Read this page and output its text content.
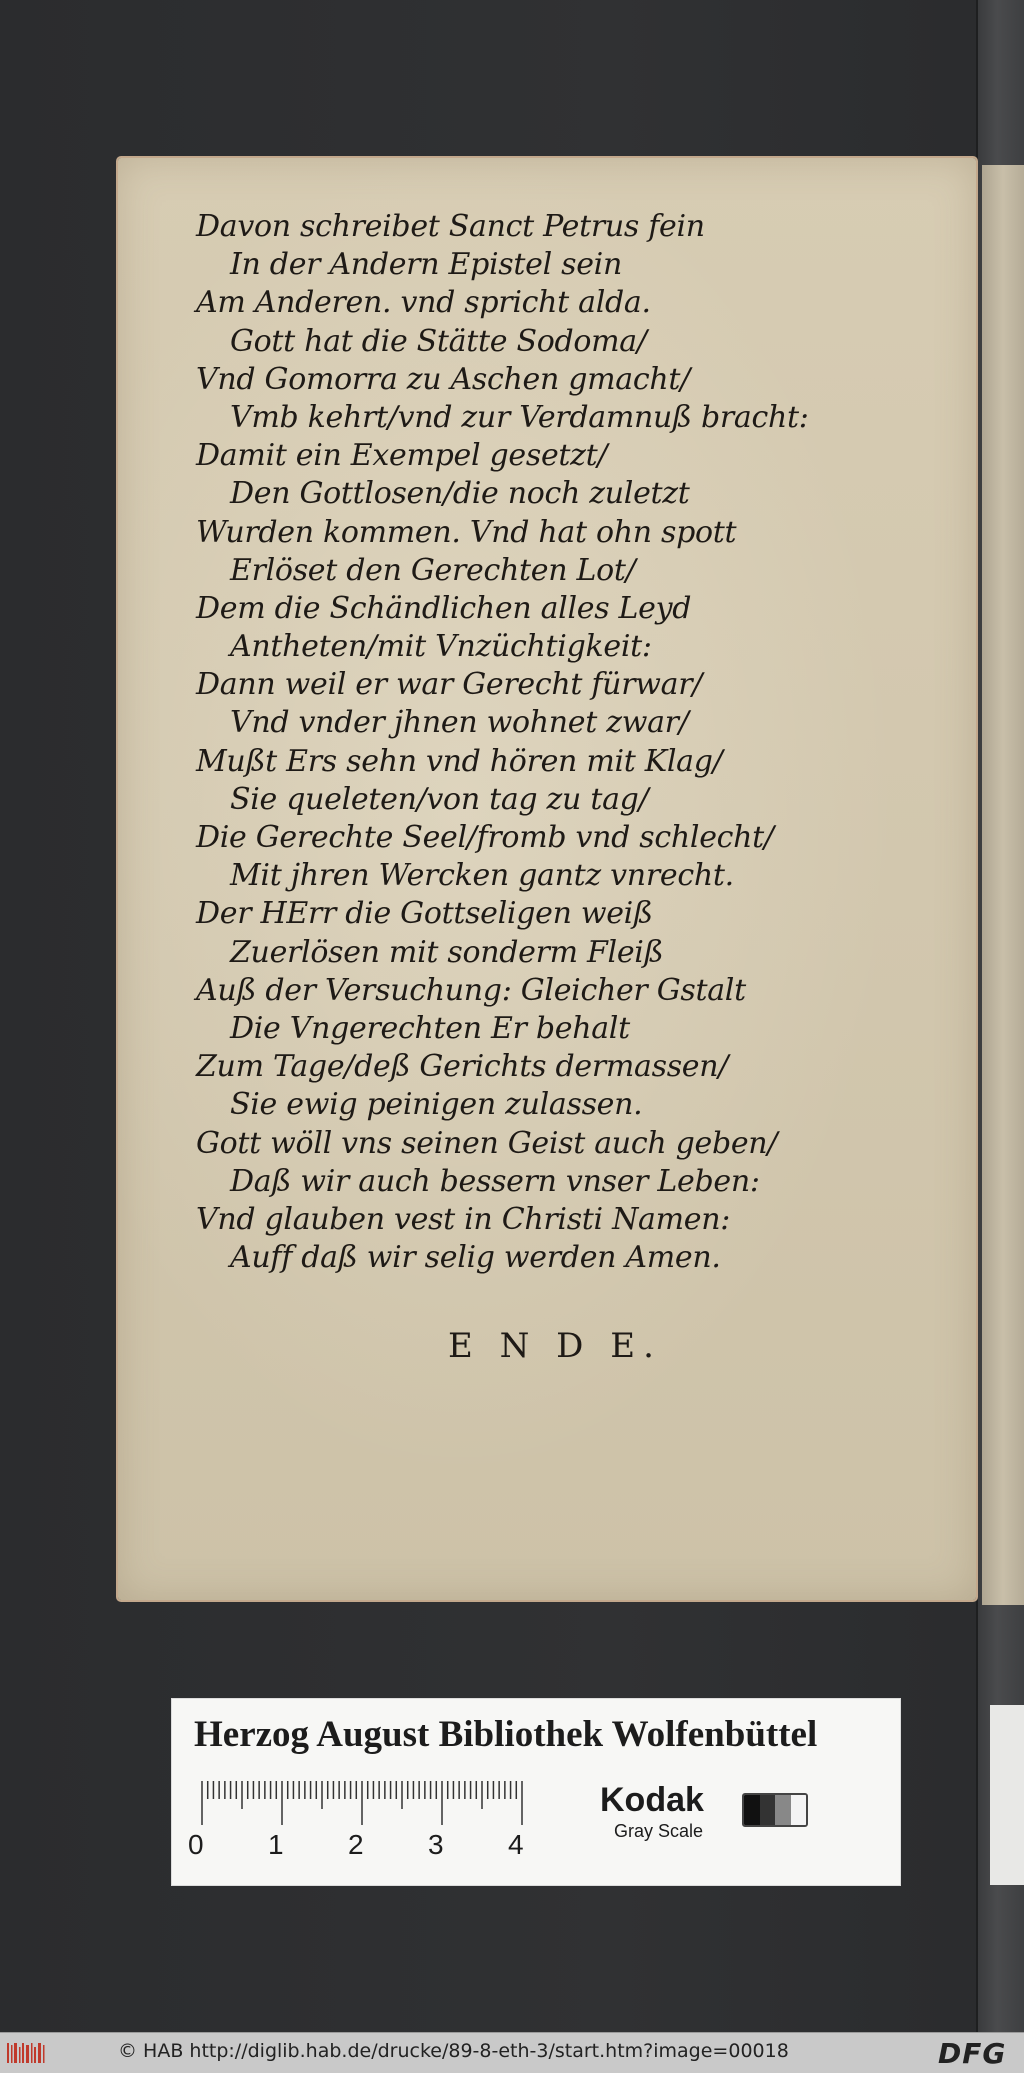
Davon schreibet Sanct Petrus fein
In der Andern Epistel sein
Am Anderen. vnd spricht alda.
Gott hat die Stätte Sodoma/
Vnd Gomorra zu Aschen gmacht/
Vmb kehrt/vnd zur Verdamnuß bracht:
Damit ein Exempel gesetzt/
Den Gottlosen/die noch zuletzt
Wurden kommen. Vnd hat ohn spott
Erlöset den Gerechten Lot/
Dem die Schändlichen alles Leyd
Antheten/mit Vnzüchtigkeit:
Dann weil er war Gerecht fürwar/
Vnd vnder jhnen wohnet zwar/
Mußt Ers sehn vnd hören mit Klag/
Sie queleten/von tag zu tag/
Die Gerechte Seel/fromb vnd schlecht/
Mit jhren Wercken gantz vnrecht.
Der HErr die Gottseligen weiß
Zuerlösen mit sonderm Fleiß
Auß der Versuchung: Gleicher Gstalt
Die Vngerechten Er behalt
Zum Tage/deß Gerichts dermassen/
Sie ewig peinigen zulassen.
Gott wöll vns seinen Geist auch geben/
Daß wir auch bessern vnser Leben:
Vnd glauben vest in Christi Namen:
Auff daß wir selig werden Amen.
E N D E.
Herzog August Bibliothek Wolfenbüttel
0 1 2 3 4
Kodak
Gray Scale
© HAB http://diglib.hab.de/drucke/89-8-eth-3/start.htm?image=00018	DFG
